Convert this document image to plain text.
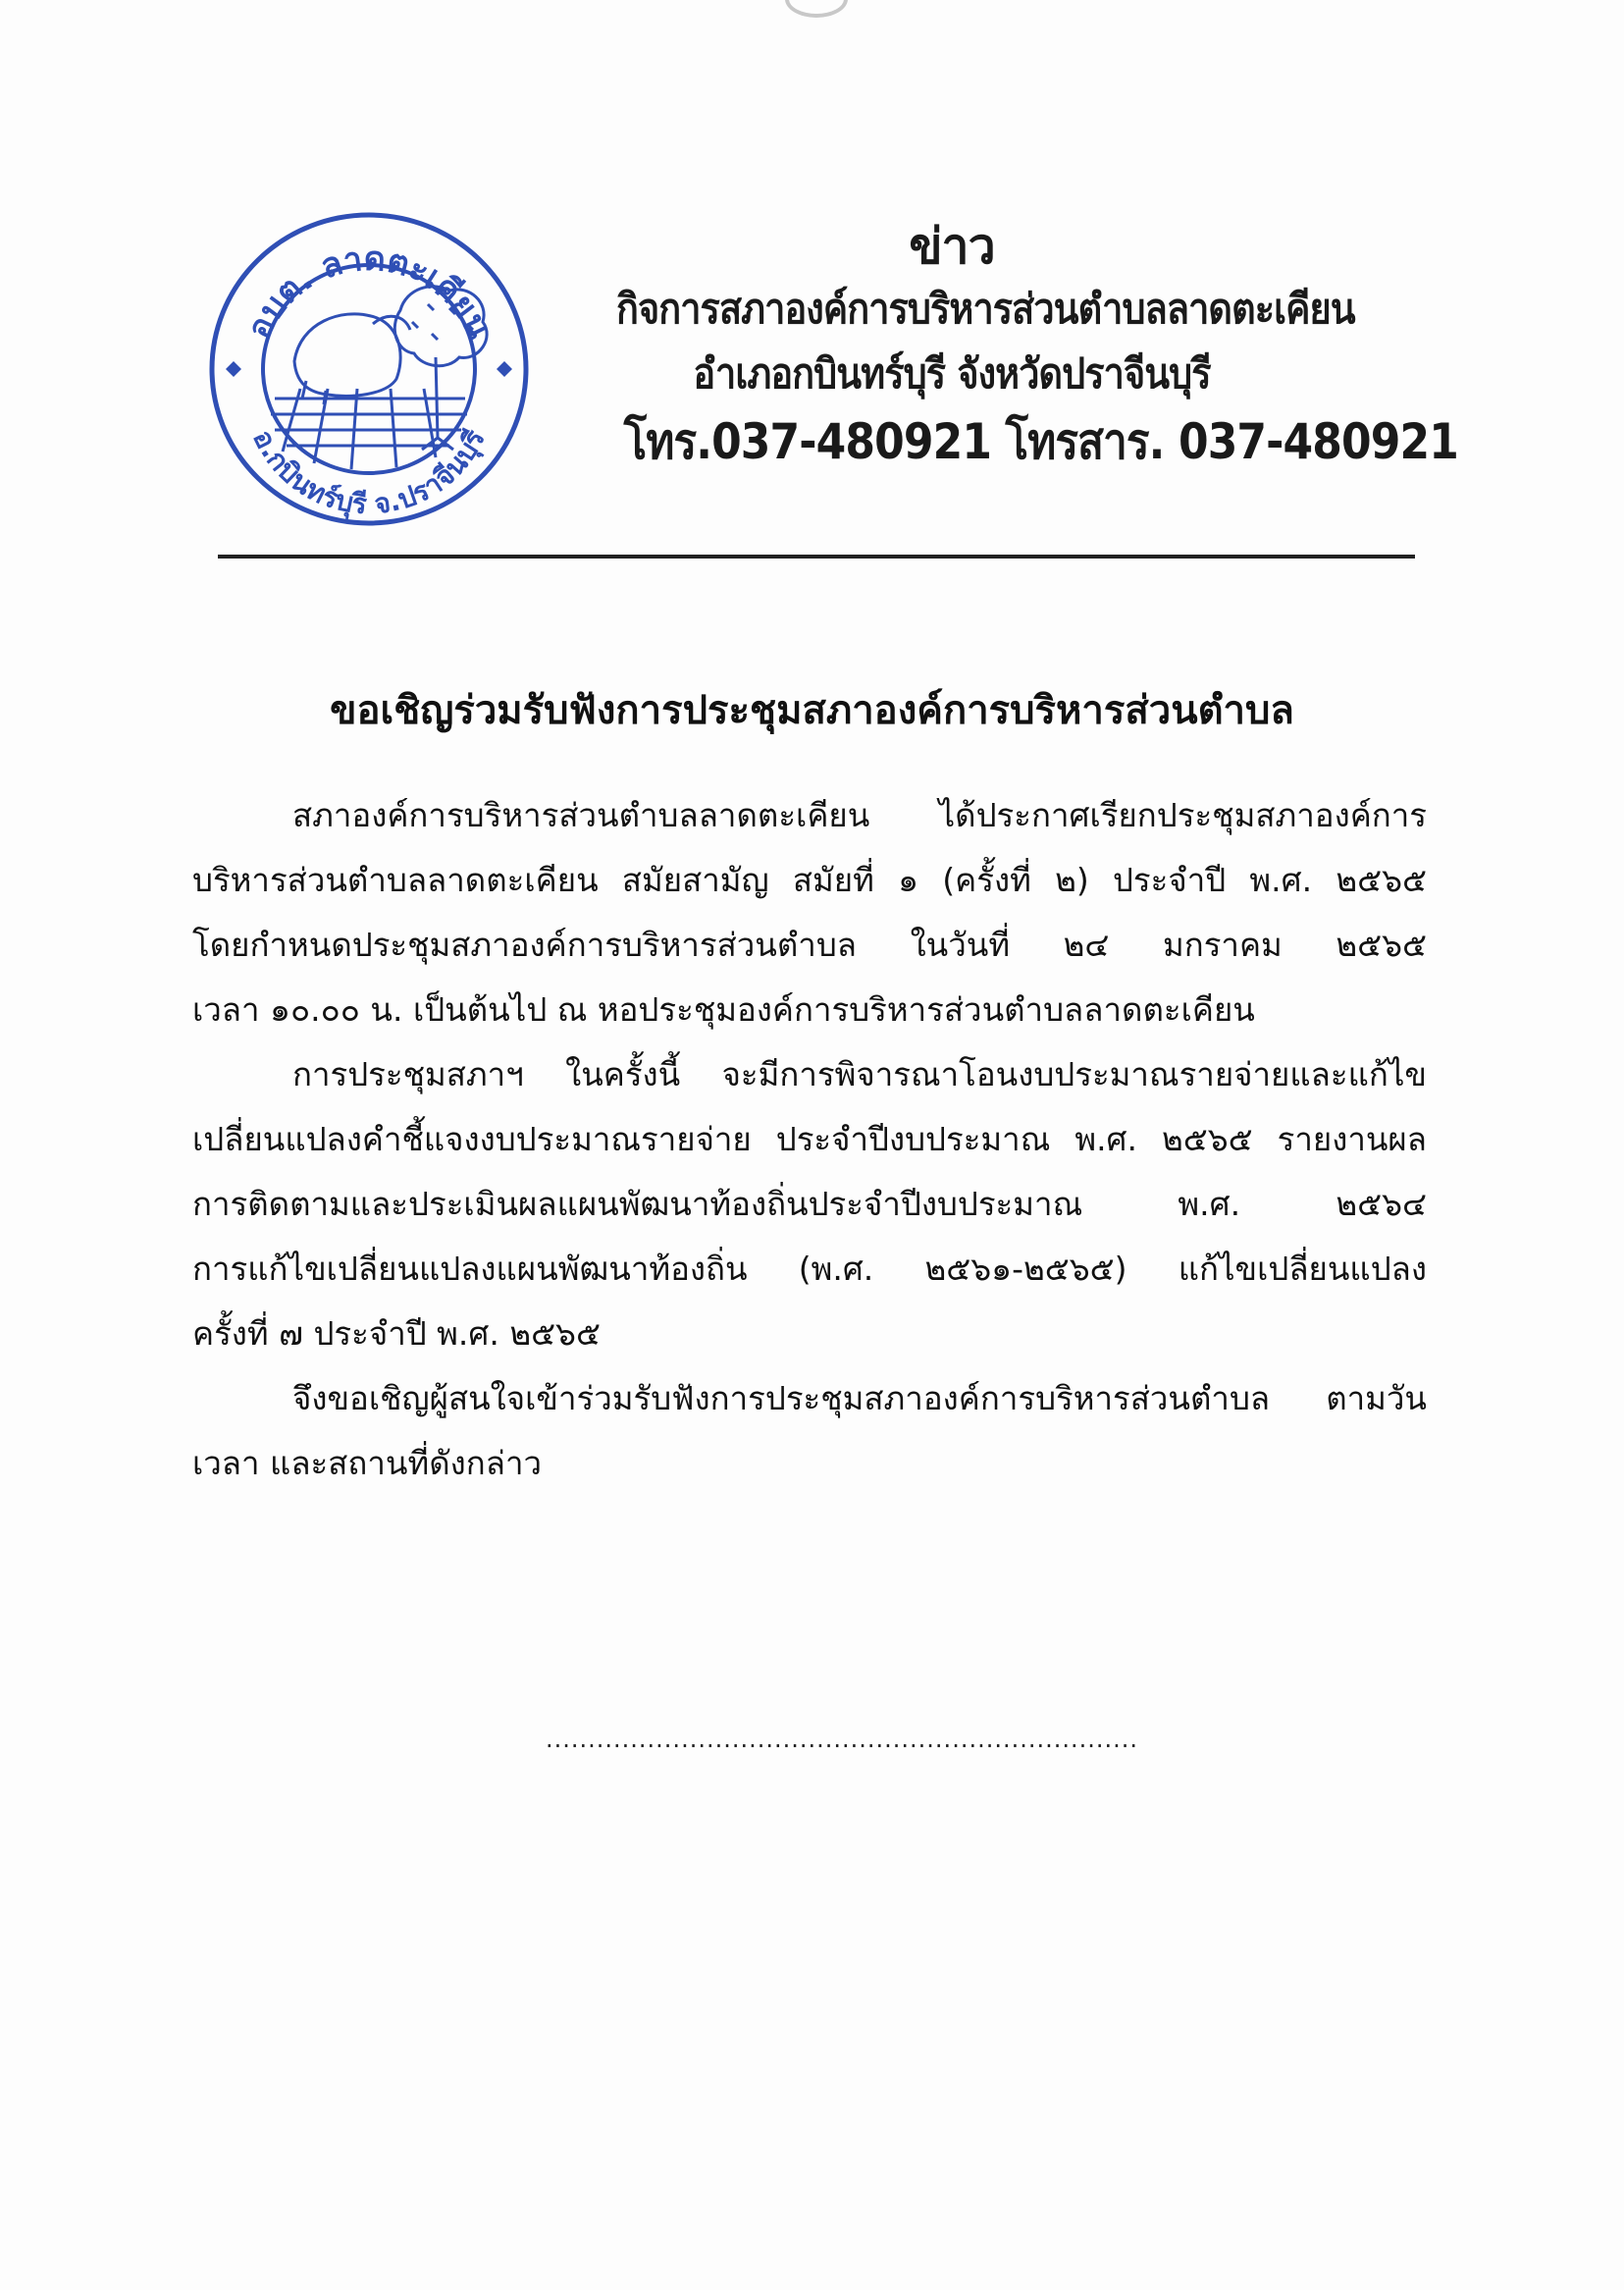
อบต. ลาดตะเคียน
อ.กบินทร์บุรี จ.ปราจีนบุรี
ข่าว
กิจการสภาองค์การบริหารส่วนตำบลลาดตะเคียน
อำเภอกบินทร์บุรี จังหวัดปราจีนบุรี
โทร.037-480921 โทรสาร. 037-480921
ขอเชิญร่วมรับฟังการประชุมสภาองค์การบริหารส่วนตำบล
สภาองค์การบริหารส่วนตำบลลาดตะเคียน ได้ประกาศเรียกประชุมสภาองค์การ
บริหารส่วนตำบลลาดตะเคียน สมัยสามัญ สมัยที่ ๑ (ครั้งที่ ๒) ประจำปี พ.ศ. ๒๕๖๕
โดยกำหนดประชุมสภาองค์การบริหารส่วนตำบล ในวันที่ ๒๔ มกราคม ๒๕๖๕
เวลา ๑๐.๐๐ น. เป็นต้นไป ณ หอประชุมองค์การบริหารส่วนตำบลลาดตะเคียน
การประชุมสภาฯ ในครั้งนี้ จะมีการพิจารณาโอนงบประมาณรายจ่ายและแก้ไข
เปลี่ยนแปลงคำชี้แจงงบประมาณรายจ่าย ประจำปีงบประมาณ พ.ศ. ๒๕๖๕ รายงานผล
การติดตามและประเมินผลแผนพัฒนาท้องถิ่นประจำปีงบประมาณ พ.ศ. ๒๕๖๔
การแก้ไขเปลี่ยนแปลงแผนพัฒนาท้องถิ่น (พ.ศ. ๒๕๖๑-๒๕๖๕) แก้ไขเปลี่ยนแปลง
ครั้งที่ ๗ ประจำปี พ.ศ. ๒๕๖๕
จึงขอเชิญผู้สนใจเข้าร่วมรับฟังการประชุมสภาองค์การบริหารส่วนตำบล ตามวัน
เวลา และสถานที่ดังกล่าว
......................................................................
